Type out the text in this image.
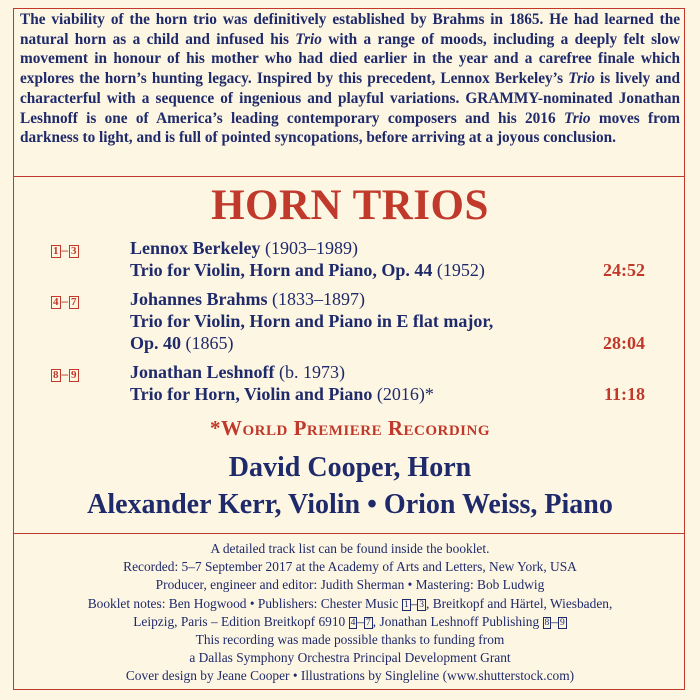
The viability of the horn trio was definitively established by Brahms in 1865. He had learned the natural horn as a child and infused his Trio with a range of moods, including a deeply felt slow movement in honour of his mother who had died earlier in the year and a carefree finale which explores the horn’s hunting legacy. Inspired by this precedent, Lennox Berkeley’s Trio is lively and characterful with a sequence of ingenious and playful variations. GRAMMY-nominated Jonathan Leshnoff is one of America’s leading contemporary composers and his 2016 Trio moves from darkness to light, and is full of pointed syncopations, before arriving at a joyous conclusion.

HORN TRIOS
1 – 3	Lennox Berkeley (1903–1989)
Trio for Violin, Horn and Piano, Op. 44 (1952)	24:52
4 – 7	Johannes Brahms (1833–1897)
Trio for Violin, Horn and Piano in E flat major,
Op. 40 (1865)	28:04
8 – 9	Jonathan Leshnoff (b. 1973)
Trio for Horn, Violin and Piano (2016)*	11:18
*World Premiere Recording
David Cooper, Horn
Alexander Kerr, Violin • Orion Weiss, Piano
A detailed track list can be found inside the booklet.
Recorded: 5–7 September 2017 at the Academy of Arts and Letters, New York, USA
Producer, engineer and editor: Judith Sherman • Mastering: Bob Ludwig
Booklet notes: Ben Hogwood • Publishers: Chester Music 1 – 3 , Breitkopf and Härtel, Wiesbaden,
Leipzig, Paris – Edition Breitkopf 6910 4 – 7 , Jonathan Leshnoff Publishing 8 – 9
This recording was made possible thanks to funding from
a Dallas Symphony Orchestra Principal Development Grant
Cover design by Jeane Cooper • Illustrations by Singleline (www.shutterstock.com)
